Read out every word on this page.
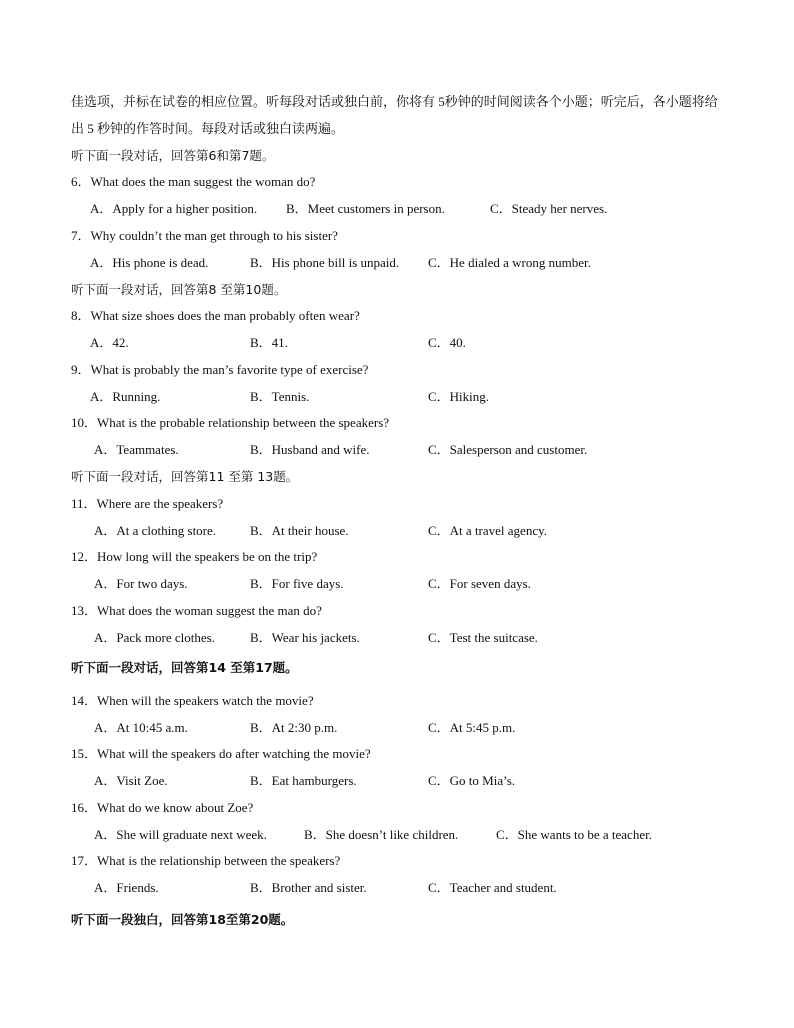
佳选项，并标在试卷的相应位置。听每段对话或独白前，你将有 5秒钟的时间阅读各个小题；听完后，各小题将给出 5 秒钟的作答时间。每段对话或独白读两遍。
听下面一段对话，回答第6和第7题。
6．What does the man suggest the woman do?
A．Apply for a higher position. B．Meet customers in person.	C．Steady her nerves.
7．Why couldn’t the man get through to his sister?
A．His phone is dead.	B．His phone bill is unpaid. C．He dialed a wrong number.
听下面一段对话，回答第8 至第10题。
8．What size shoes does the man probably often wear?
A．42.	B．41.	C．40.
9．What is probably the man’s favorite type of exercise?
A．Running.	B．Tennis.	C．Hiking.
10．What is the probable relationship between the speakers?
A．Teammates.	B．Husband and wife.	C．Salesperson and customer.
听下面一段对话，回答第11 至第 13题。
11．Where are the speakers?
A．At a clothing store.	B．At their house.	C．At a travel agency.
12．How long will the speakers be on the trip?
A．For two days.	B．For five days.	C．For seven days.
13．What does the woman suggest the man do?
A．Pack more clothes.	B．Wear his jackets.	C．Test the suitcase.
听下面一段对话，回答第14 至第17题。
14．When will the speakers watch the movie?
A．At 10:45 a.m.	B．At 2:30 p.m.	C．At 5:45 p.m.
15．What will the speakers do after watching the movie?
A．Visit Zoe.	B．Eat hamburgers.	C．Go to Mia’s.
16．What do we know about Zoe?
A．She will graduate next week.	B．She doesn’t like children.	C．She wants to be a teacher.
17．What is the relationship between the speakers?
A．Friends.	B．Brother and sister.	C．Teacher and student.
听下面一段独白，回答第18至第20题。
